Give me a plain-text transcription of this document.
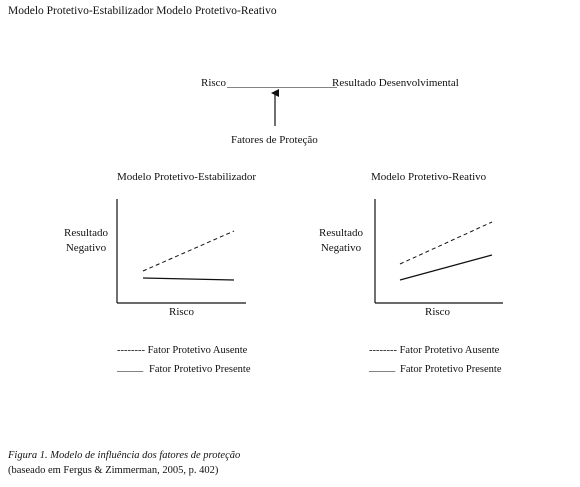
Modelo Protetivo-Estabilizador Modelo Protetivo-Reativo
Risco ____________________
Resultado Desenvolvimental
Fatores de Proteção
Modelo Protetivo-Estabilizador
Resultado
Negativo
Risco
-------- Fator Protetivo Ausente
_____ Fator Protetivo Presente
Modelo Protetivo-Reativo
Resultado
Negativo
Risco
-------- Fator Protetivo Ausente
_____ Fator Protetivo Presente
Figura 1. Modelo de influência dos fatores de proteção
(baseado em Fergus & Zimmerman, 2005, p. 402)
